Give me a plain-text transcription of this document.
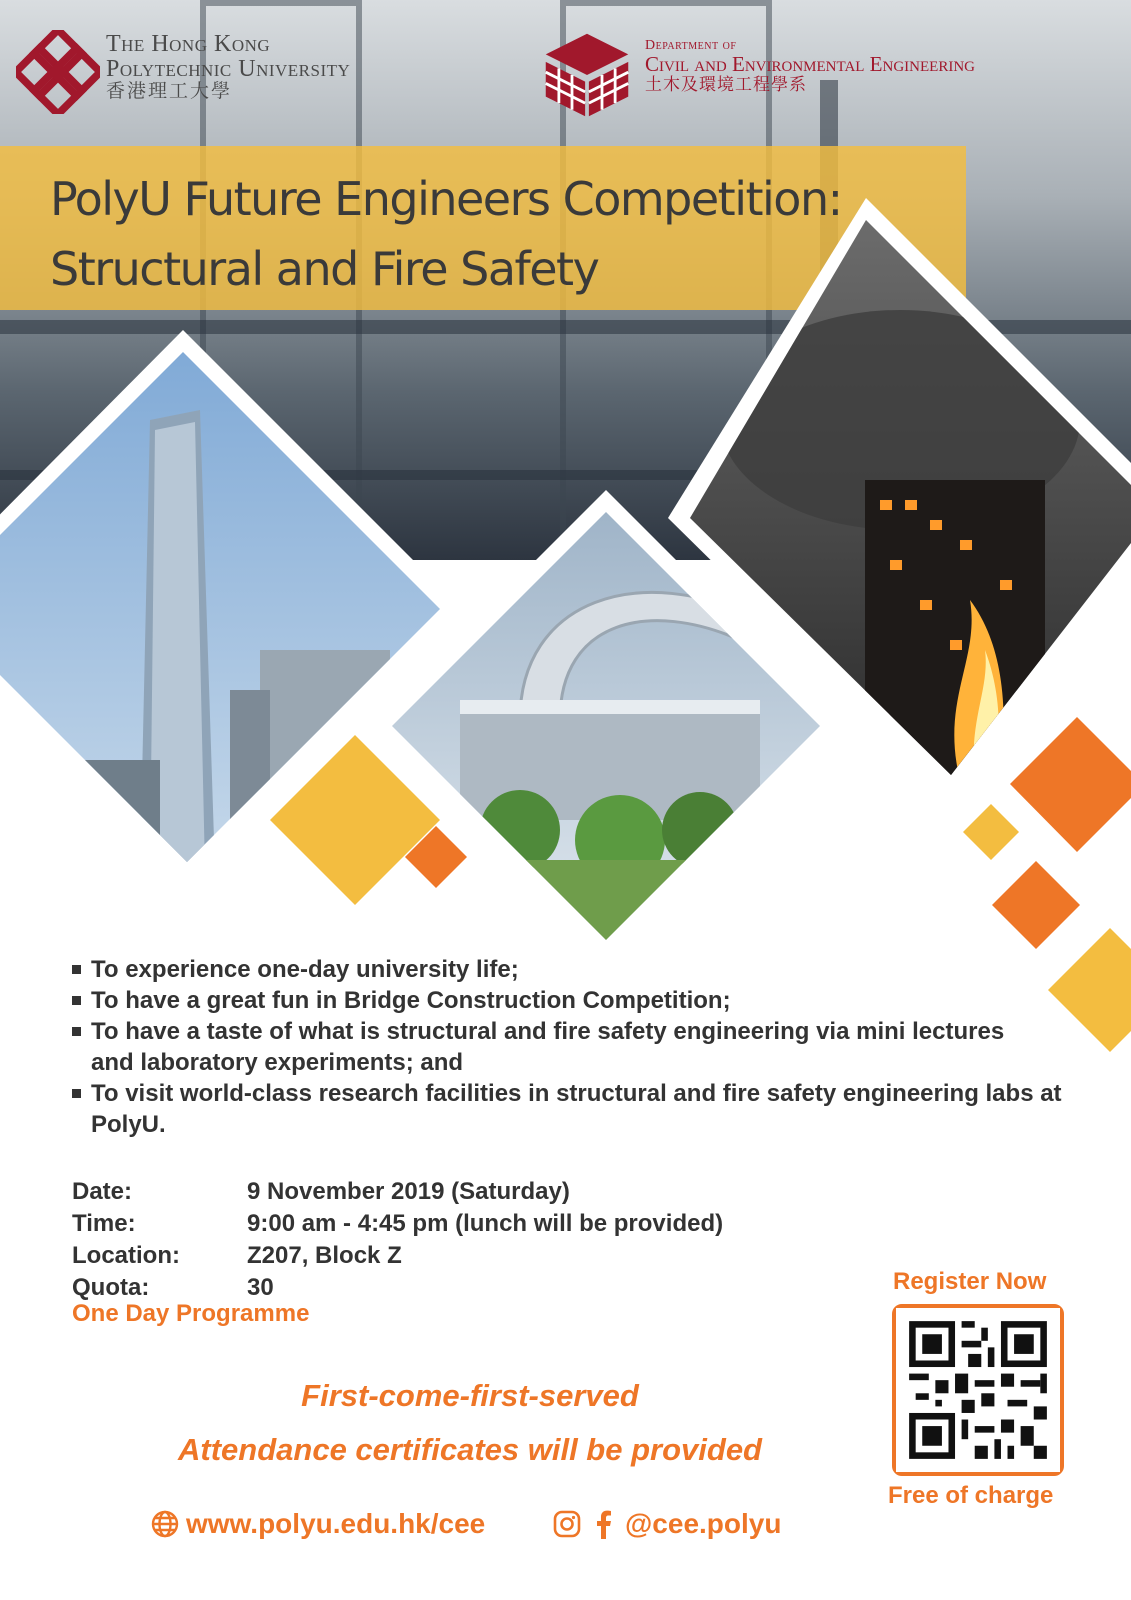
The Hong Kong
Polytechnic University
香港理工大學
Department of
Civil and Environmental Engineering
土木及環境工程學系
PolyU Future Engineers Competition:
Structural and Fire Safety
To experience one-day university life;
To have a great fun in Bridge Construction Competition;
To have a taste of what is structural and fire safety engineering via mini lectures and laboratory experiments; and
To visit world-class research facilities in structural and fire safety engineering labs at PolyU.
Date:	9 November 2019 (Saturday)
Time:	9:00 am - 4:45 pm (lunch will be provided)
Location:	Z207, Block Z
Quota:	30
One Day Programme
First-come-first-served
Attendance certificates will be provided
Register Now
Free of charge
www.polyu.edu.hk/cee	@cee.polyu
